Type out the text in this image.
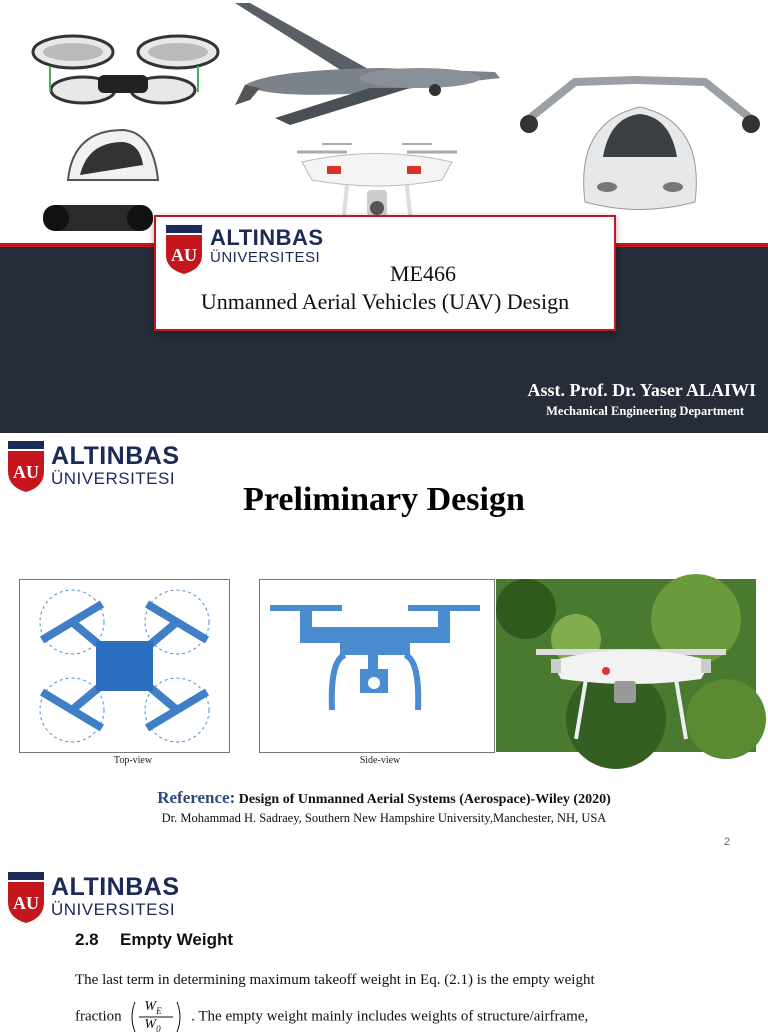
AU
ALTINBAS
ÜNIVERSITESI
ME466
Unmanned Aerial Vehicles (UAV) Design
Asst. Prof. Dr. Yaser ALAIWI
Mechanical Engineering Department
AU
ALTINBAS
ÜNIVERSITESI
Preliminary Design
Top-view	Side-view
Reference: Design of Unmanned Aerial Systems (Aerospace)-Wiley (2020)
Dr. Mohammad H. Sadraey, Southern New Hampshire University,Manchester, NH, USA
2
AU
ALTINBAS
ÜNIVERSITESI
2.8 Empty Weight
The last term in determining maximum takeoff weight in Eq. (2.1) is the empty weight
fraction
$W_E$
$W_0$
. The empty weight mainly includes weights of structure/airframe,
